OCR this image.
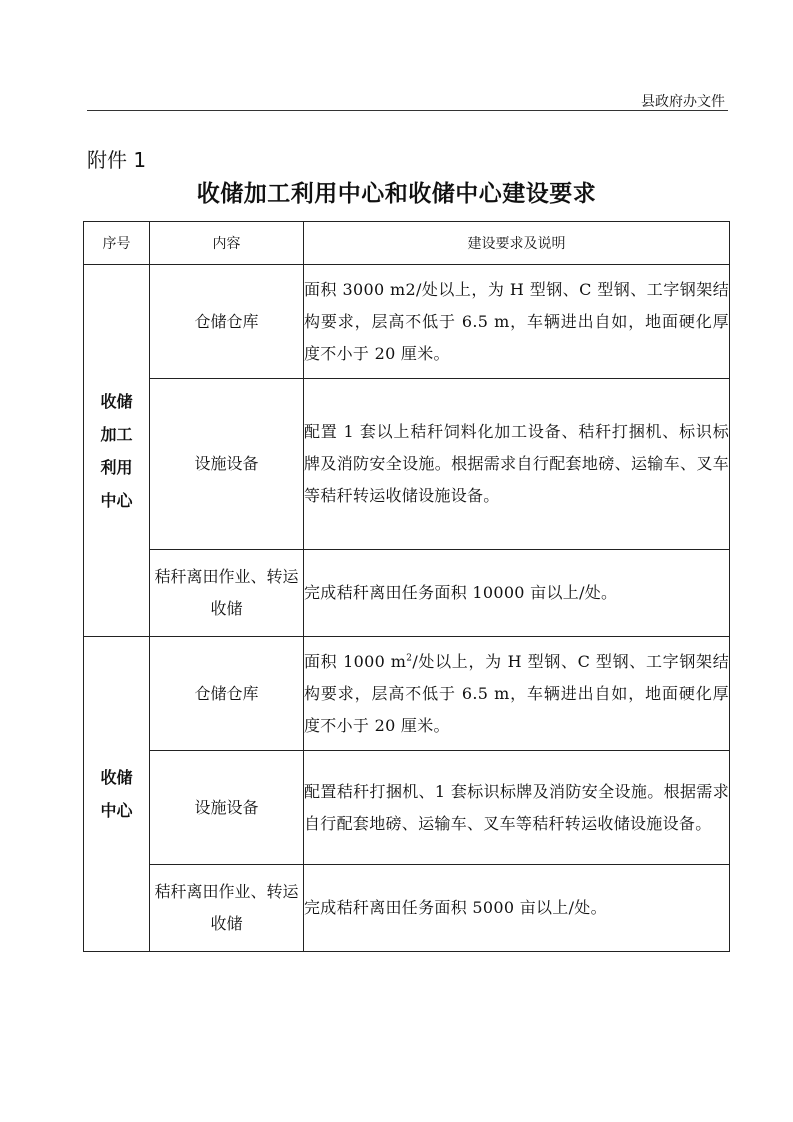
县政府办文件
附件 1
收储加工利用中心和收储中心建设要求
序号	内容	建设要求及说明

收储
加工
利用
中心	仓储仓库	面积 3000 m2/处以上，为 H 型钢、C 型钢、工字钢架结构要求，层高不低于 6.5 m，车辆进出自如，地面硬化厚度不小于 20 厘米。
	设施设备	配置 1 套以上秸秆饲料化加工设备、秸秆打捆机、标识标牌及消防安全设施。根据需求自行配套地磅、运输车、叉车等秸秆转运收储设施设备。
	秸秆离田作业、转运收储	完成秸秆离田任务面积 10000 亩以上/处。

收储
中心	仓储仓库	面积 1000 $m^2/$处以上，为 H 型钢、C 型钢、工字钢架结构要求，层高不低于 6.5 m，车辆进出自如，地面硬化厚度不小于 20 厘米。
	设施设备	配置秸秆打捆机、1 套标识标牌及消防安全设施。根据需求自行配套地磅、运输车、叉车等秸秆转运收储设施设备。
	秸秆离田作业、转运收储	完成秸秆离田任务面积 5000 亩以上/处。
